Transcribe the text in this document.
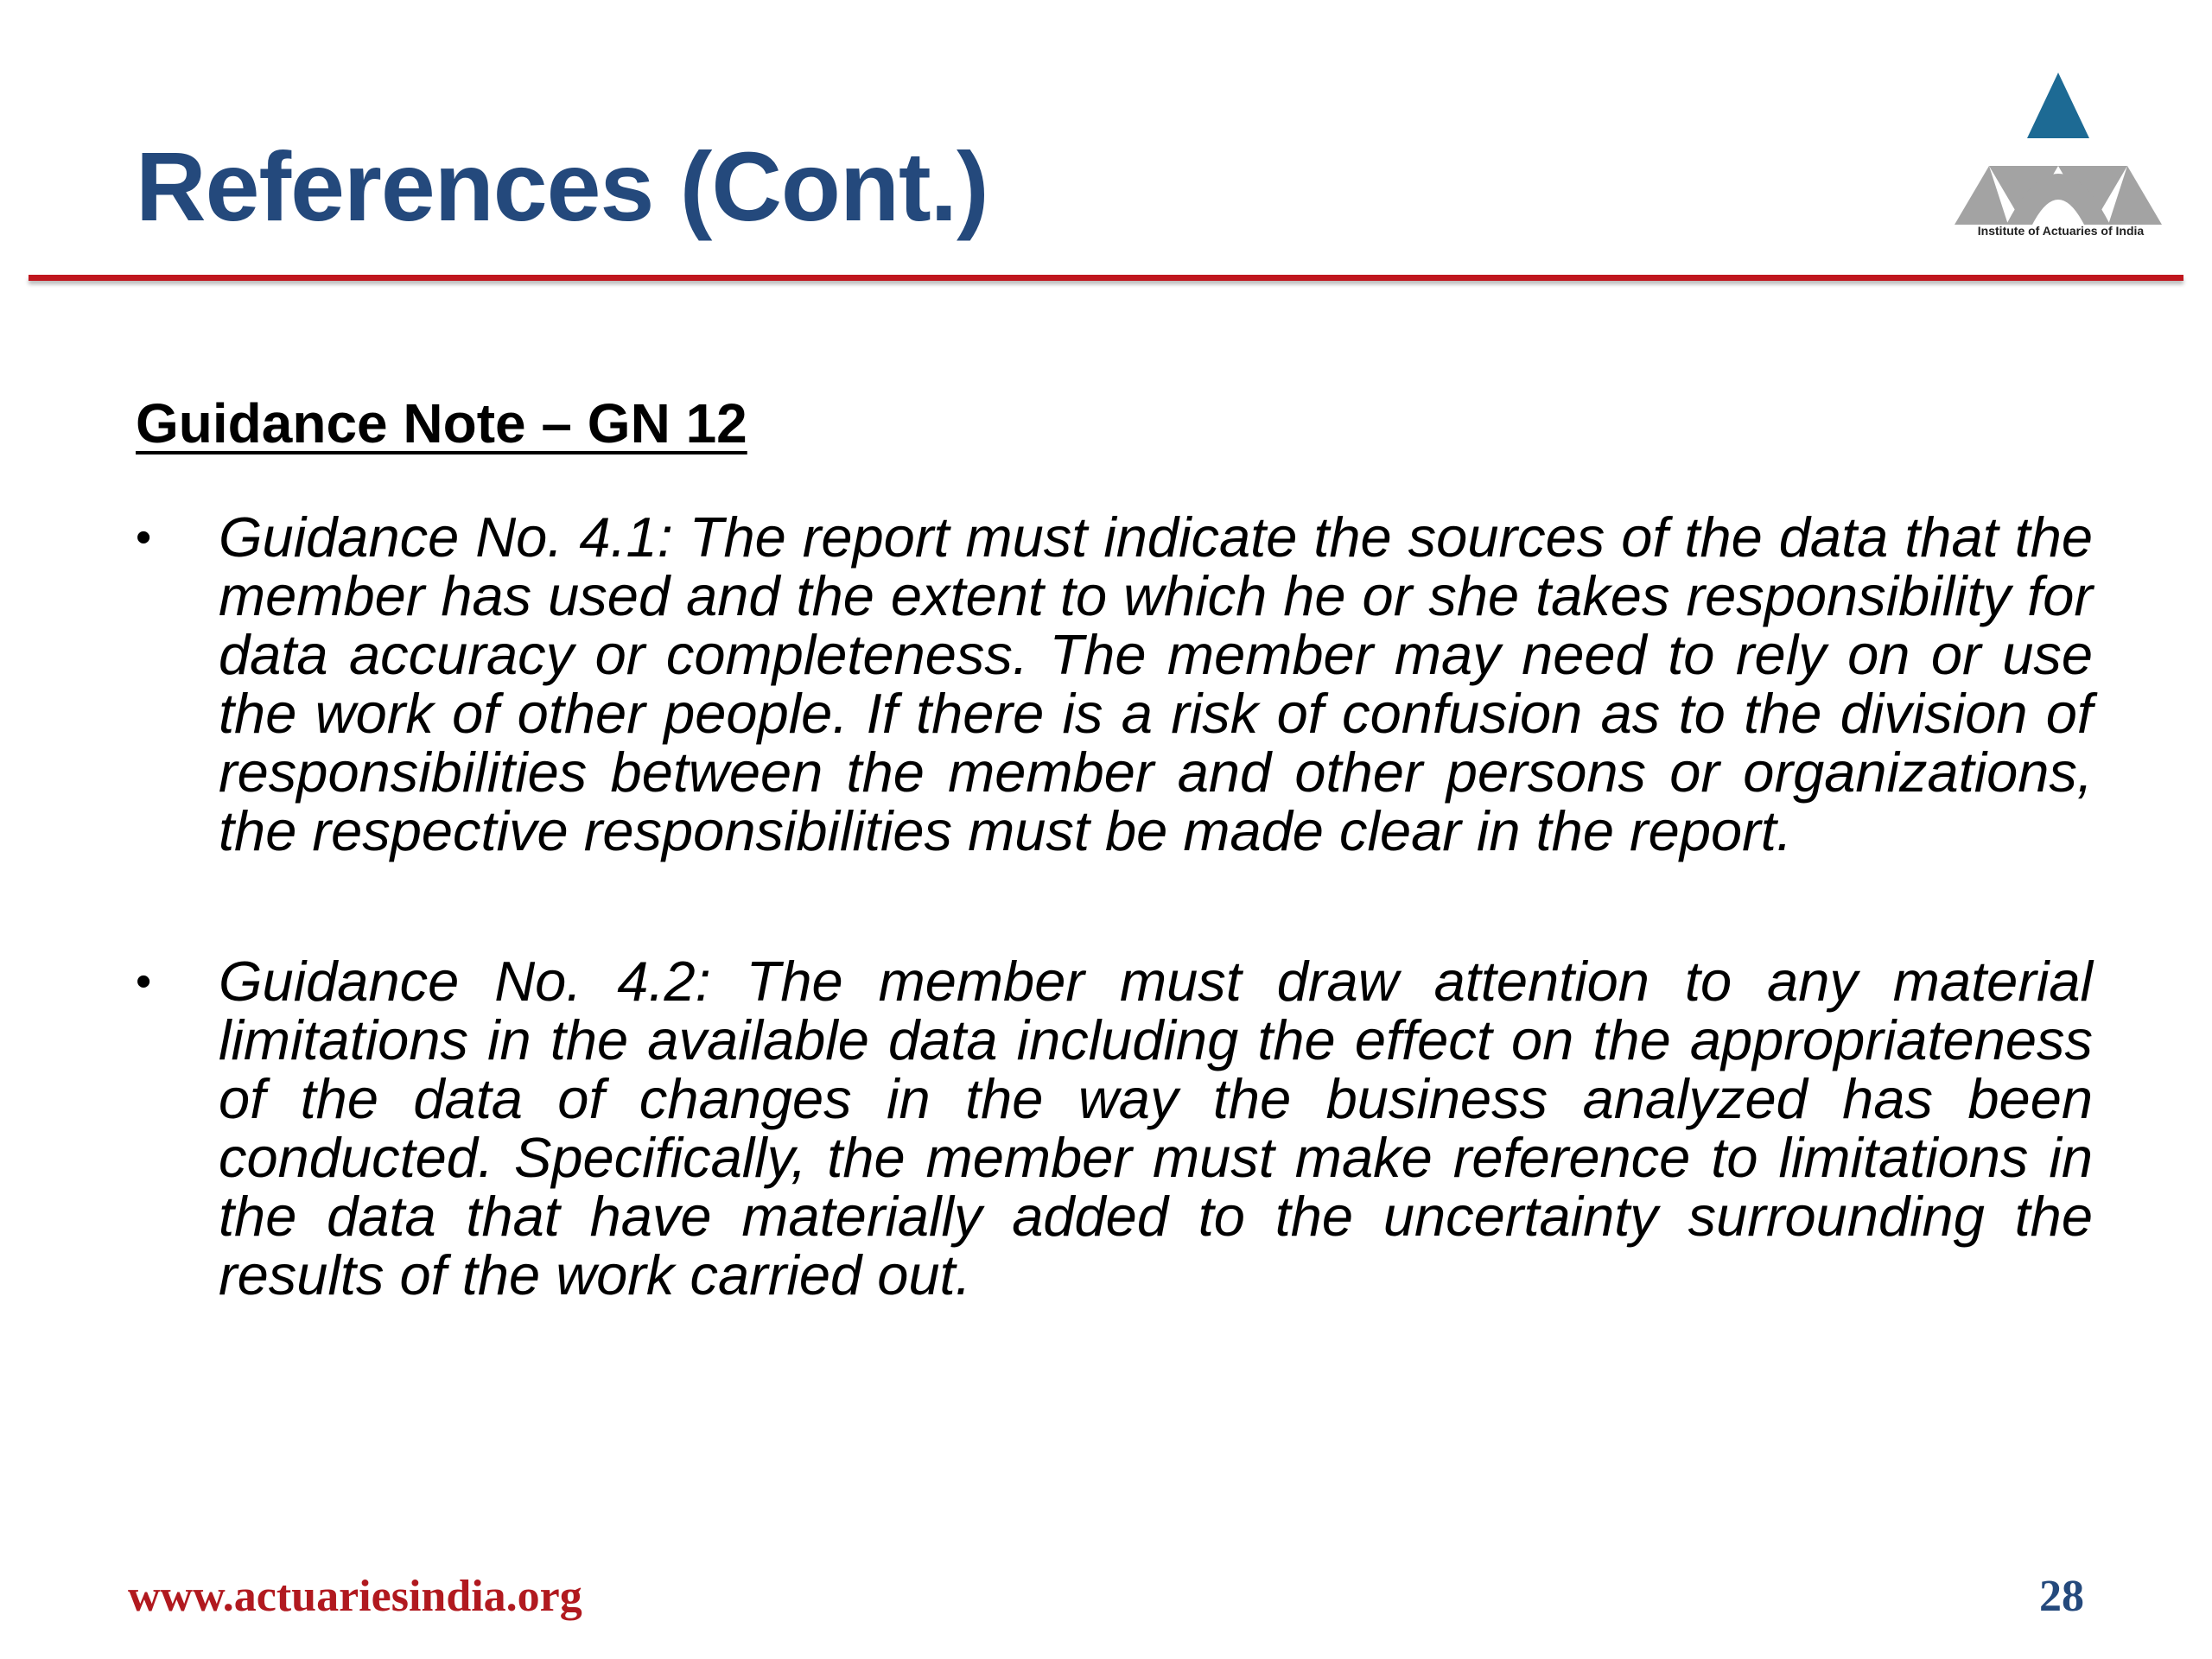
References (Cont.)	Institute of Actuaries of India
Guidance Note – GN 12
• Guidance No. 4.1: The report must indicate the sources of the data that the member has used and the extent to which he or she takes responsibility for data accuracy or completeness. The member may need to rely on or use the work of other people. If there is a risk of confusion as to the division of responsibilities between the member and other persons or organizations, the respective responsibilities must be made clear in the report.
• Guidance No. 4.2: The member must draw attention to any material limitations in the available data including the effect on the appropriateness of the data of changes in the way the business analyzed has been conducted. Specifically, the member must make reference to limitations in the data that have materially added to the uncertainty surrounding the results of the work carried out.
www.actuariesindia.org	28
